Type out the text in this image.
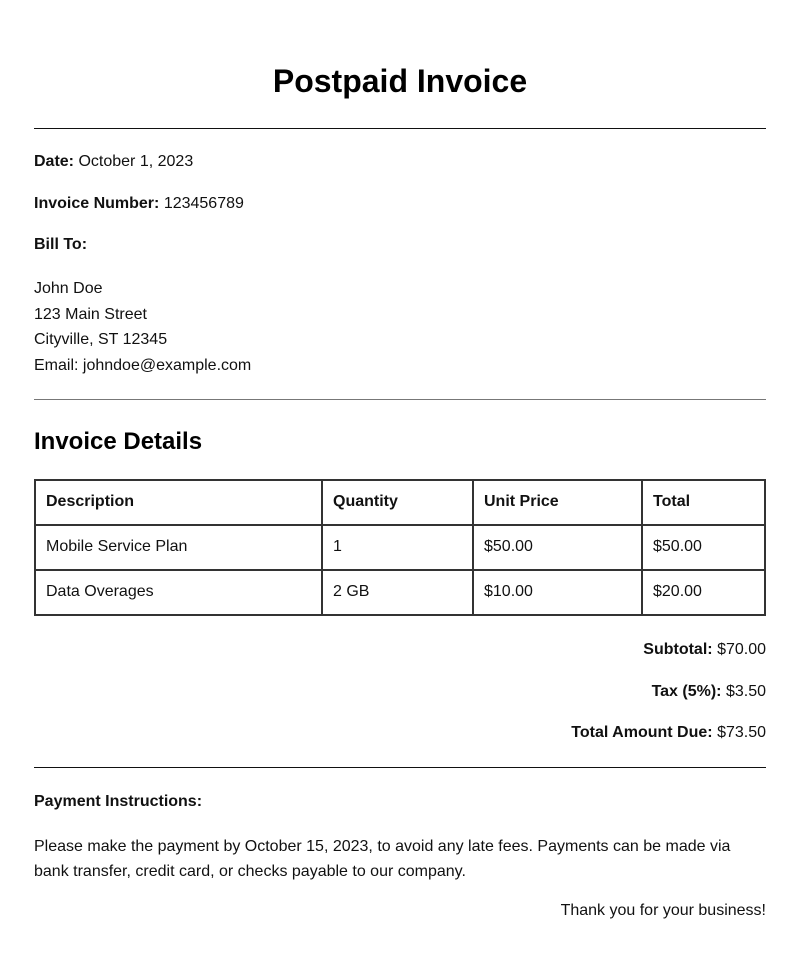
Postpaid Invoice

Date: October 1, 2023

Invoice Number: 123456789

Bill To:

John Doe
123 Main Street
Cityville, ST 12345
Email: johndoe@example.com
Invoice Details
Description	Quantity	Unit Price	Total
Mobile Service Plan	1	$50.00	$50.00
Data Overages	2 GB	$10.00	$20.00
Subtotal: $70.00
Tax (5%): $3.50
Total Amount Due: $73.50
Payment Instructions:
Please make the payment by October 15, 2023, to avoid any late fees. Payments can be made via bank transfer, credit card, or checks payable to our company.
Thank you for your business!
